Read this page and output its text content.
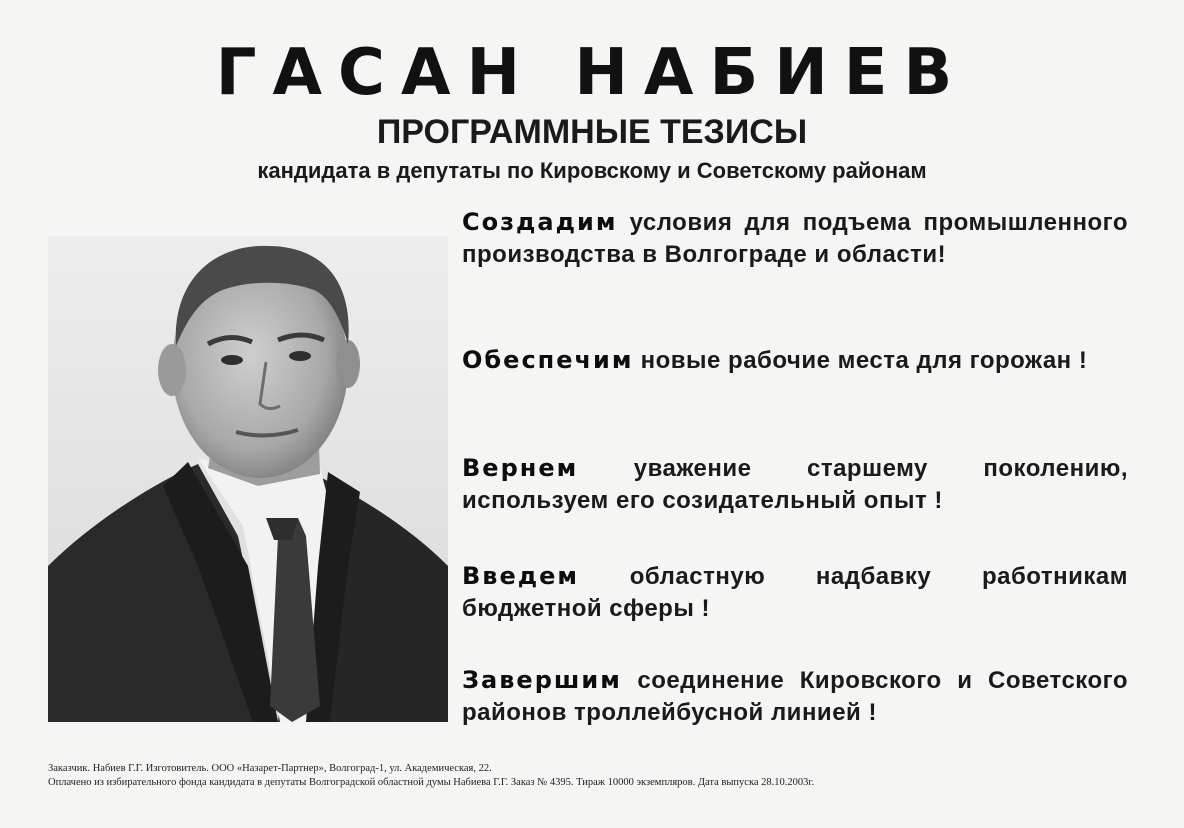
ГАСАН НАБИЕВ
ПРОГРАММНЫЕ ТЕЗИСЫ
кандидата в депутаты по Кировскому и Советскому районам
Создадим условия для подъема промышленного производства в Волгограде и области!
Обеспечим новые рабочие места для горожан !
Вернем уважение старшему поколению, используем его созидательный опыт !
Введем областную надбавку работникам бюджетной сферы !
Завершим соединение Кировского и Советского районов троллейбусной линией !
Заказчик. Набиев Г.Г. Изготовитель. ООО «Назарет-Партнер», Волгоград-1, ул. Академическая, 22.
Оплачено из избирательного фонда кандидата в депутаты Волгоградской областной думы Набиева Г.Г. Заказ № 4395. Тираж 10000 экземпляров. Дата выпуска 28.10.2003г.
